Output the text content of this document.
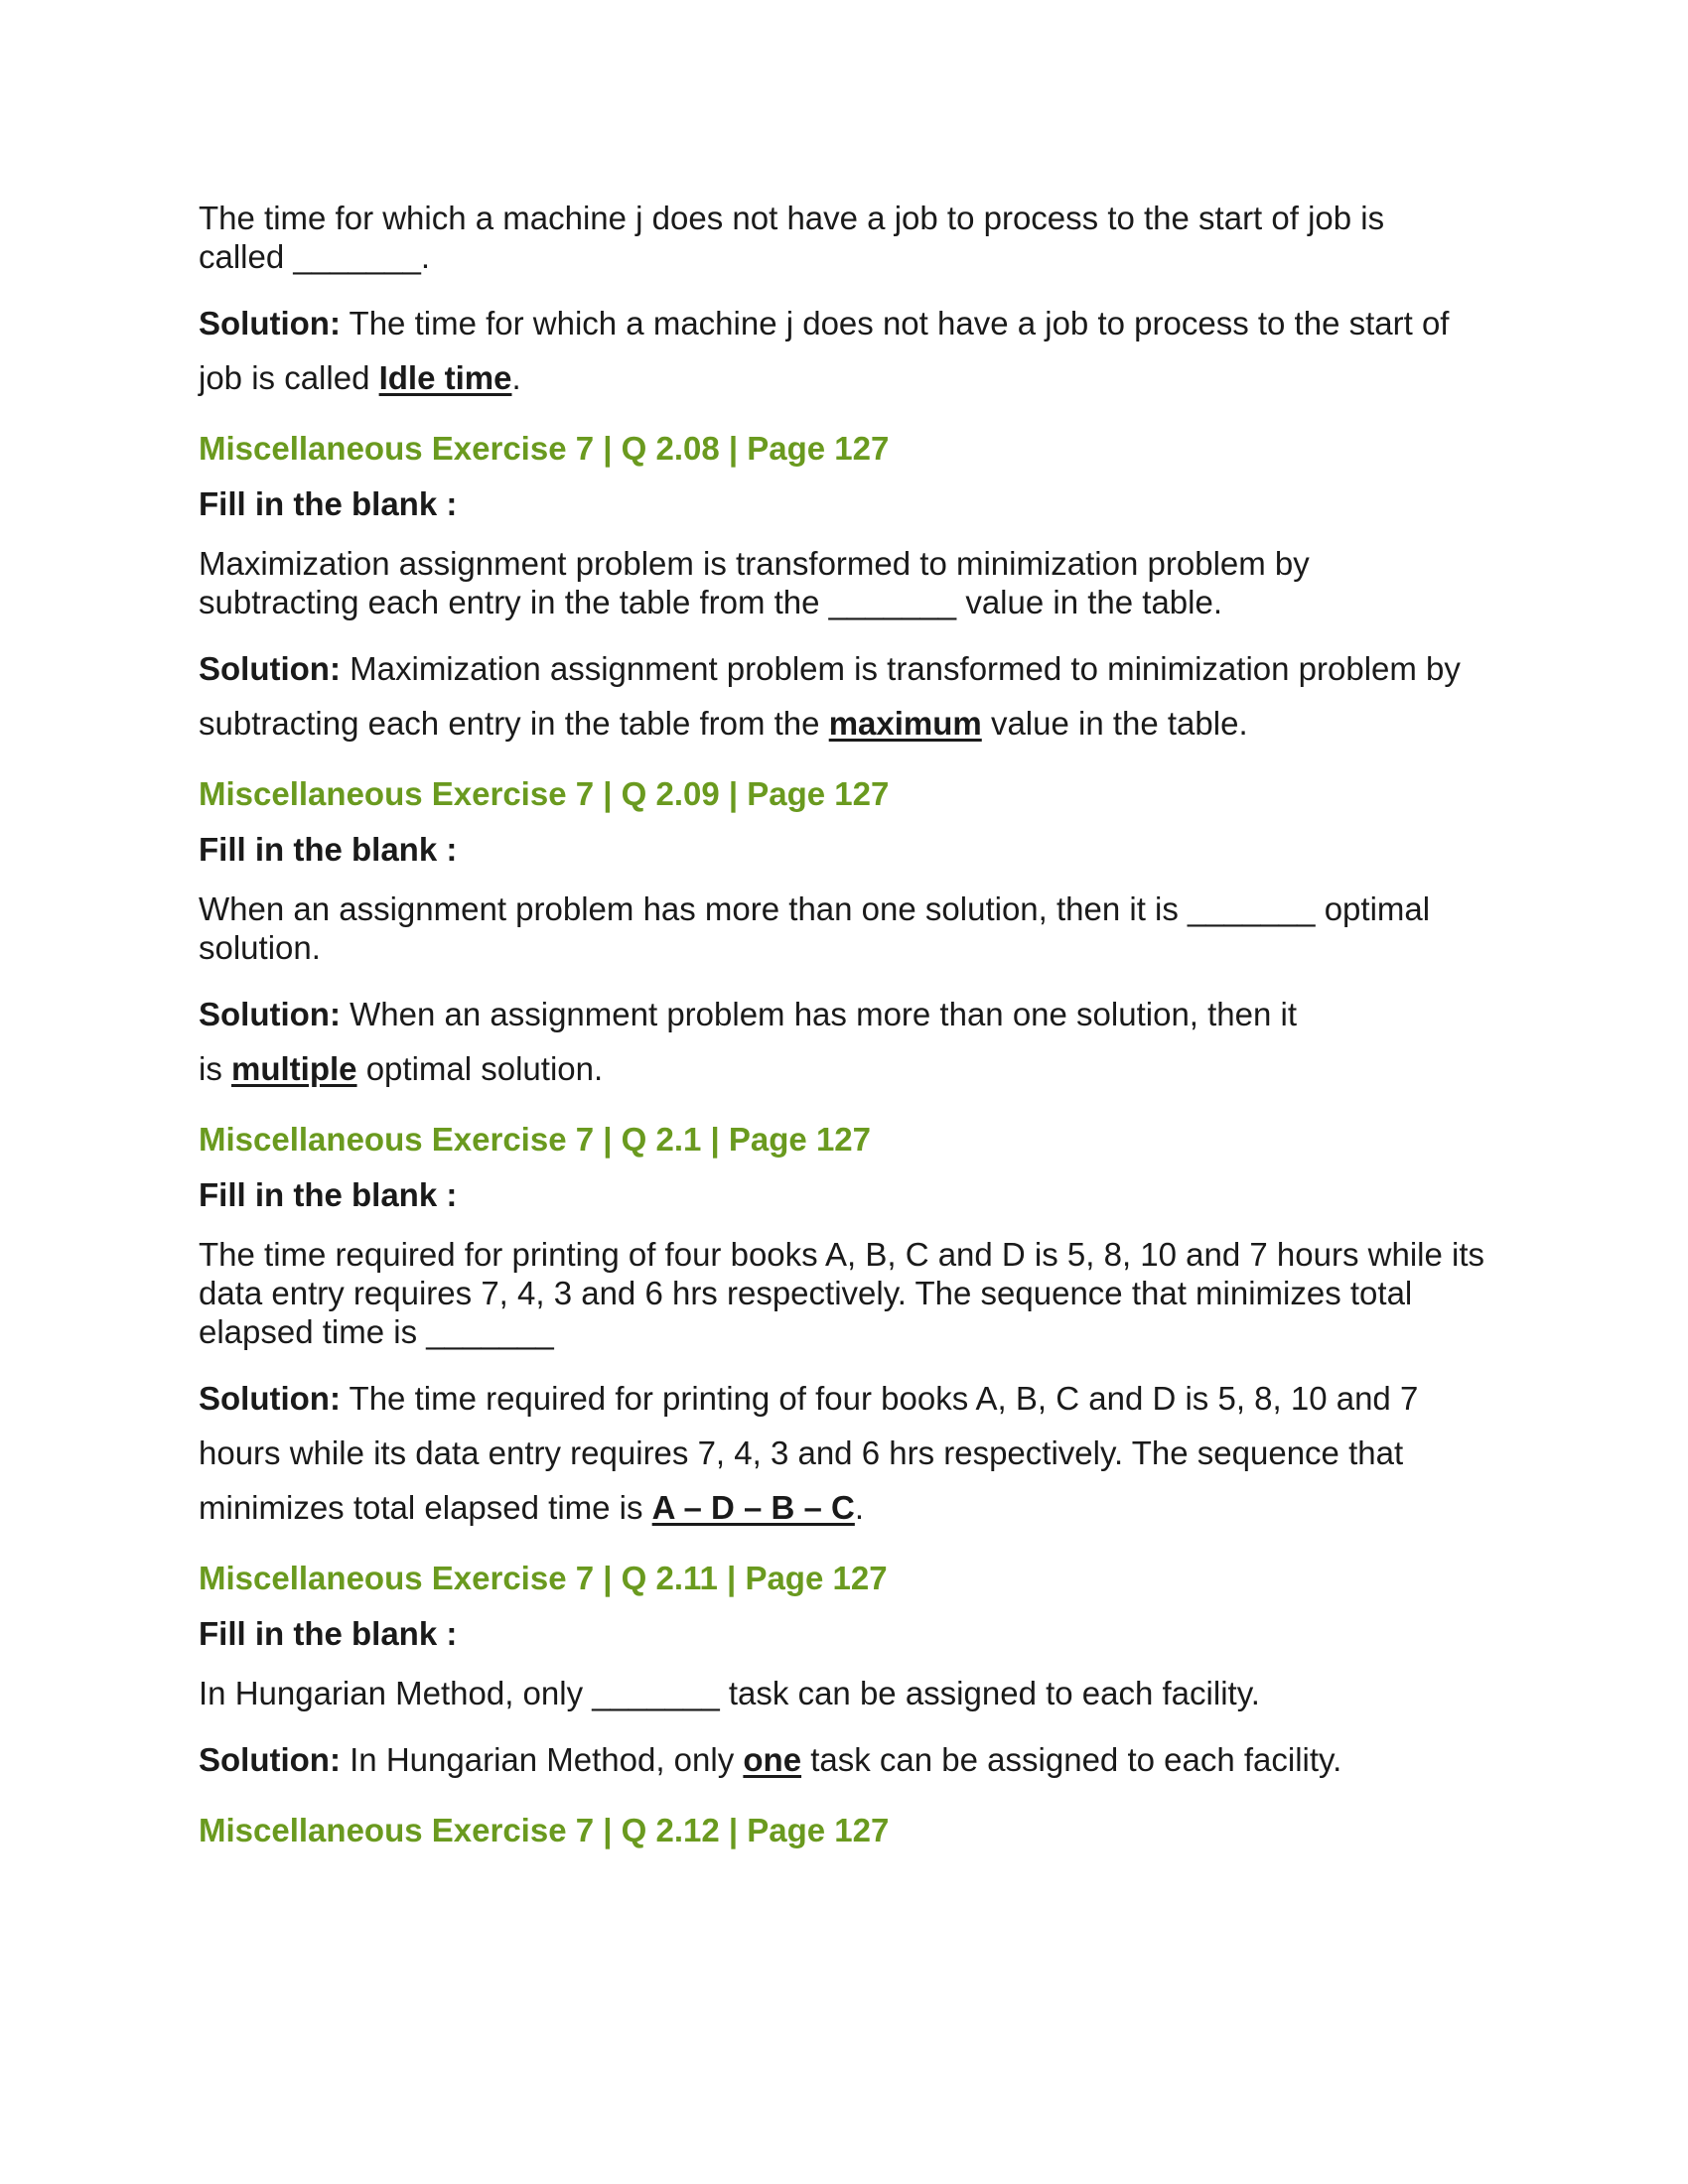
The time for which a machine j does not have a job to process to the start of job is called _______.

Solution: The time for which a machine j does not have a job to process to the start of job is called Idle time.

Miscellaneous Exercise 7 | Q 2.08 | Page 127

Fill in the blank :

Maximization assignment problem is transformed to minimization problem by subtracting each entry in the table from the _______ value in the table.

Solution: Maximization assignment problem is transformed to minimization problem by subtracting each entry in the table from the maximum value in the table.

Miscellaneous Exercise 7 | Q 2.09 | Page 127

Fill in the blank :

When an assignment problem has more than one solution, then it is _______ optimal solution.

Solution: When an assignment problem has more than one solution, then it is multiple optimal solution.

Miscellaneous Exercise 7 | Q 2.1 | Page 127

Fill in the blank :

The time required for printing of four books A, B, C and D is 5, 8, 10 and 7 hours while its data entry requires 7, 4, 3 and 6 hrs respectively. The sequence that minimizes total elapsed time is _______

Solution: The time required for printing of four books A, B, C and D is 5, 8, 10 and 7 hours while its data entry requires 7, 4, 3 and 6 hrs respectively. The sequence that minimizes total elapsed time is A – D – B – C.

Miscellaneous Exercise 7 | Q 2.11 | Page 127

Fill in the blank :

In Hungarian Method, only _______ task can be assigned to each facility.

Solution: In Hungarian Method, only one task can be assigned to each facility.

Miscellaneous Exercise 7 | Q 2.12 | Page 127
